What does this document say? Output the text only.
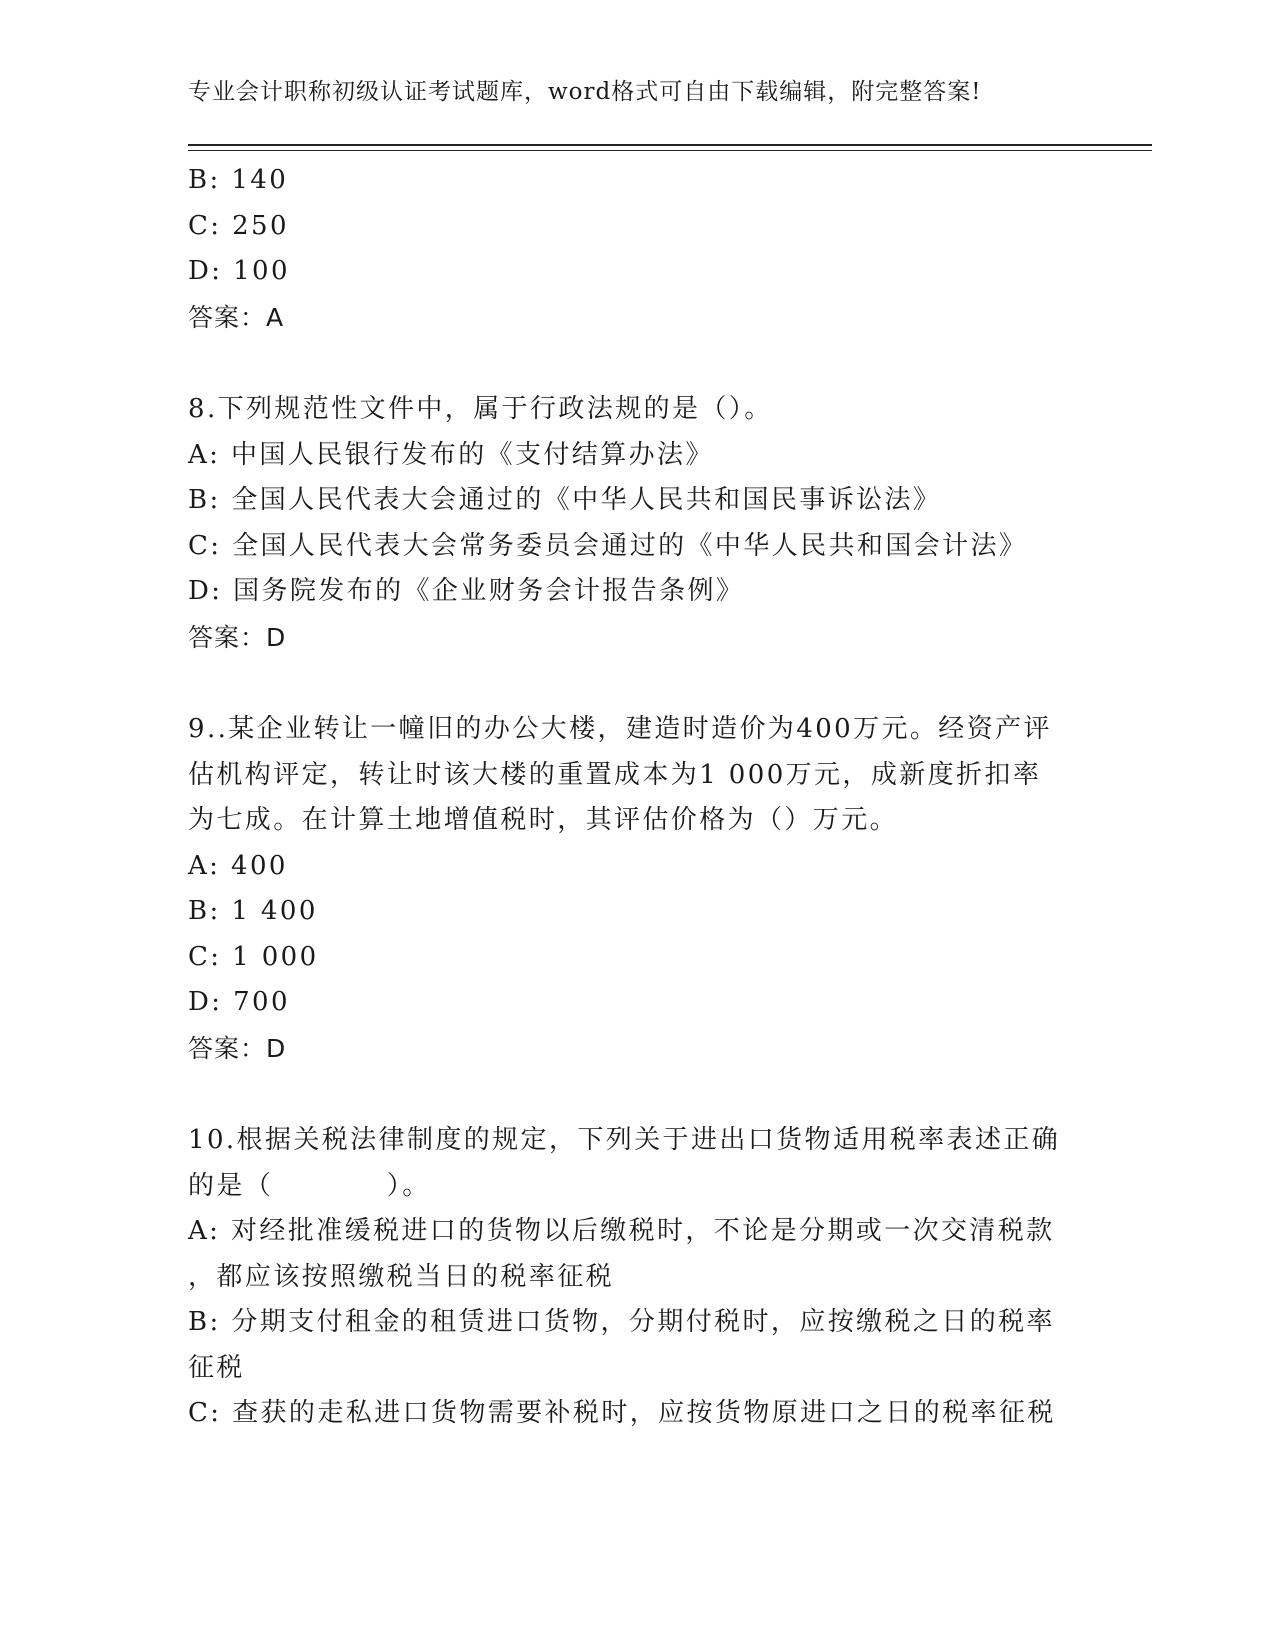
专业会计职称初级认证考试题库，word格式可自由下载编辑，附完整答案!
B: 140
C: 250
D: 100
答案：A
8.下列规范性文件中，属于行政法规的是（）。
A: 中国人民银行发布的《支付结算办法》
B: 全国人民代表大会通过的《中华人民共和国民事诉讼法》
C: 全国人民代表大会常务委员会通过的《中华人民共和国会计法》
D: 国务院发布的《企业财务会计报告条例》
答案：D
9..某企业转让一幢旧的办公大楼，建造时造价为400万元。经资产评
估机构评定，转让时该大楼的重置成本为1 000万元，成新度折扣率
为七成。在计算土地增值税时，其评估价格为（）万元。
A: 400
B: 1 400
C: 1 000
D: 700
答案：D
10.根据关税法律制度的规定，下列关于进出口货物适用税率表述正确
的是（　　　　）。
A: 对经批准缓税进口的货物以后缴税时，不论是分期或一次交清税款
，都应该按照缴税当日的税率征税
B: 分期支付租金的租赁进口货物，分期付税时，应按缴税之日的税率
征税
C: 查获的走私进口货物需要补税时，应按货物原进口之日的税率征税
